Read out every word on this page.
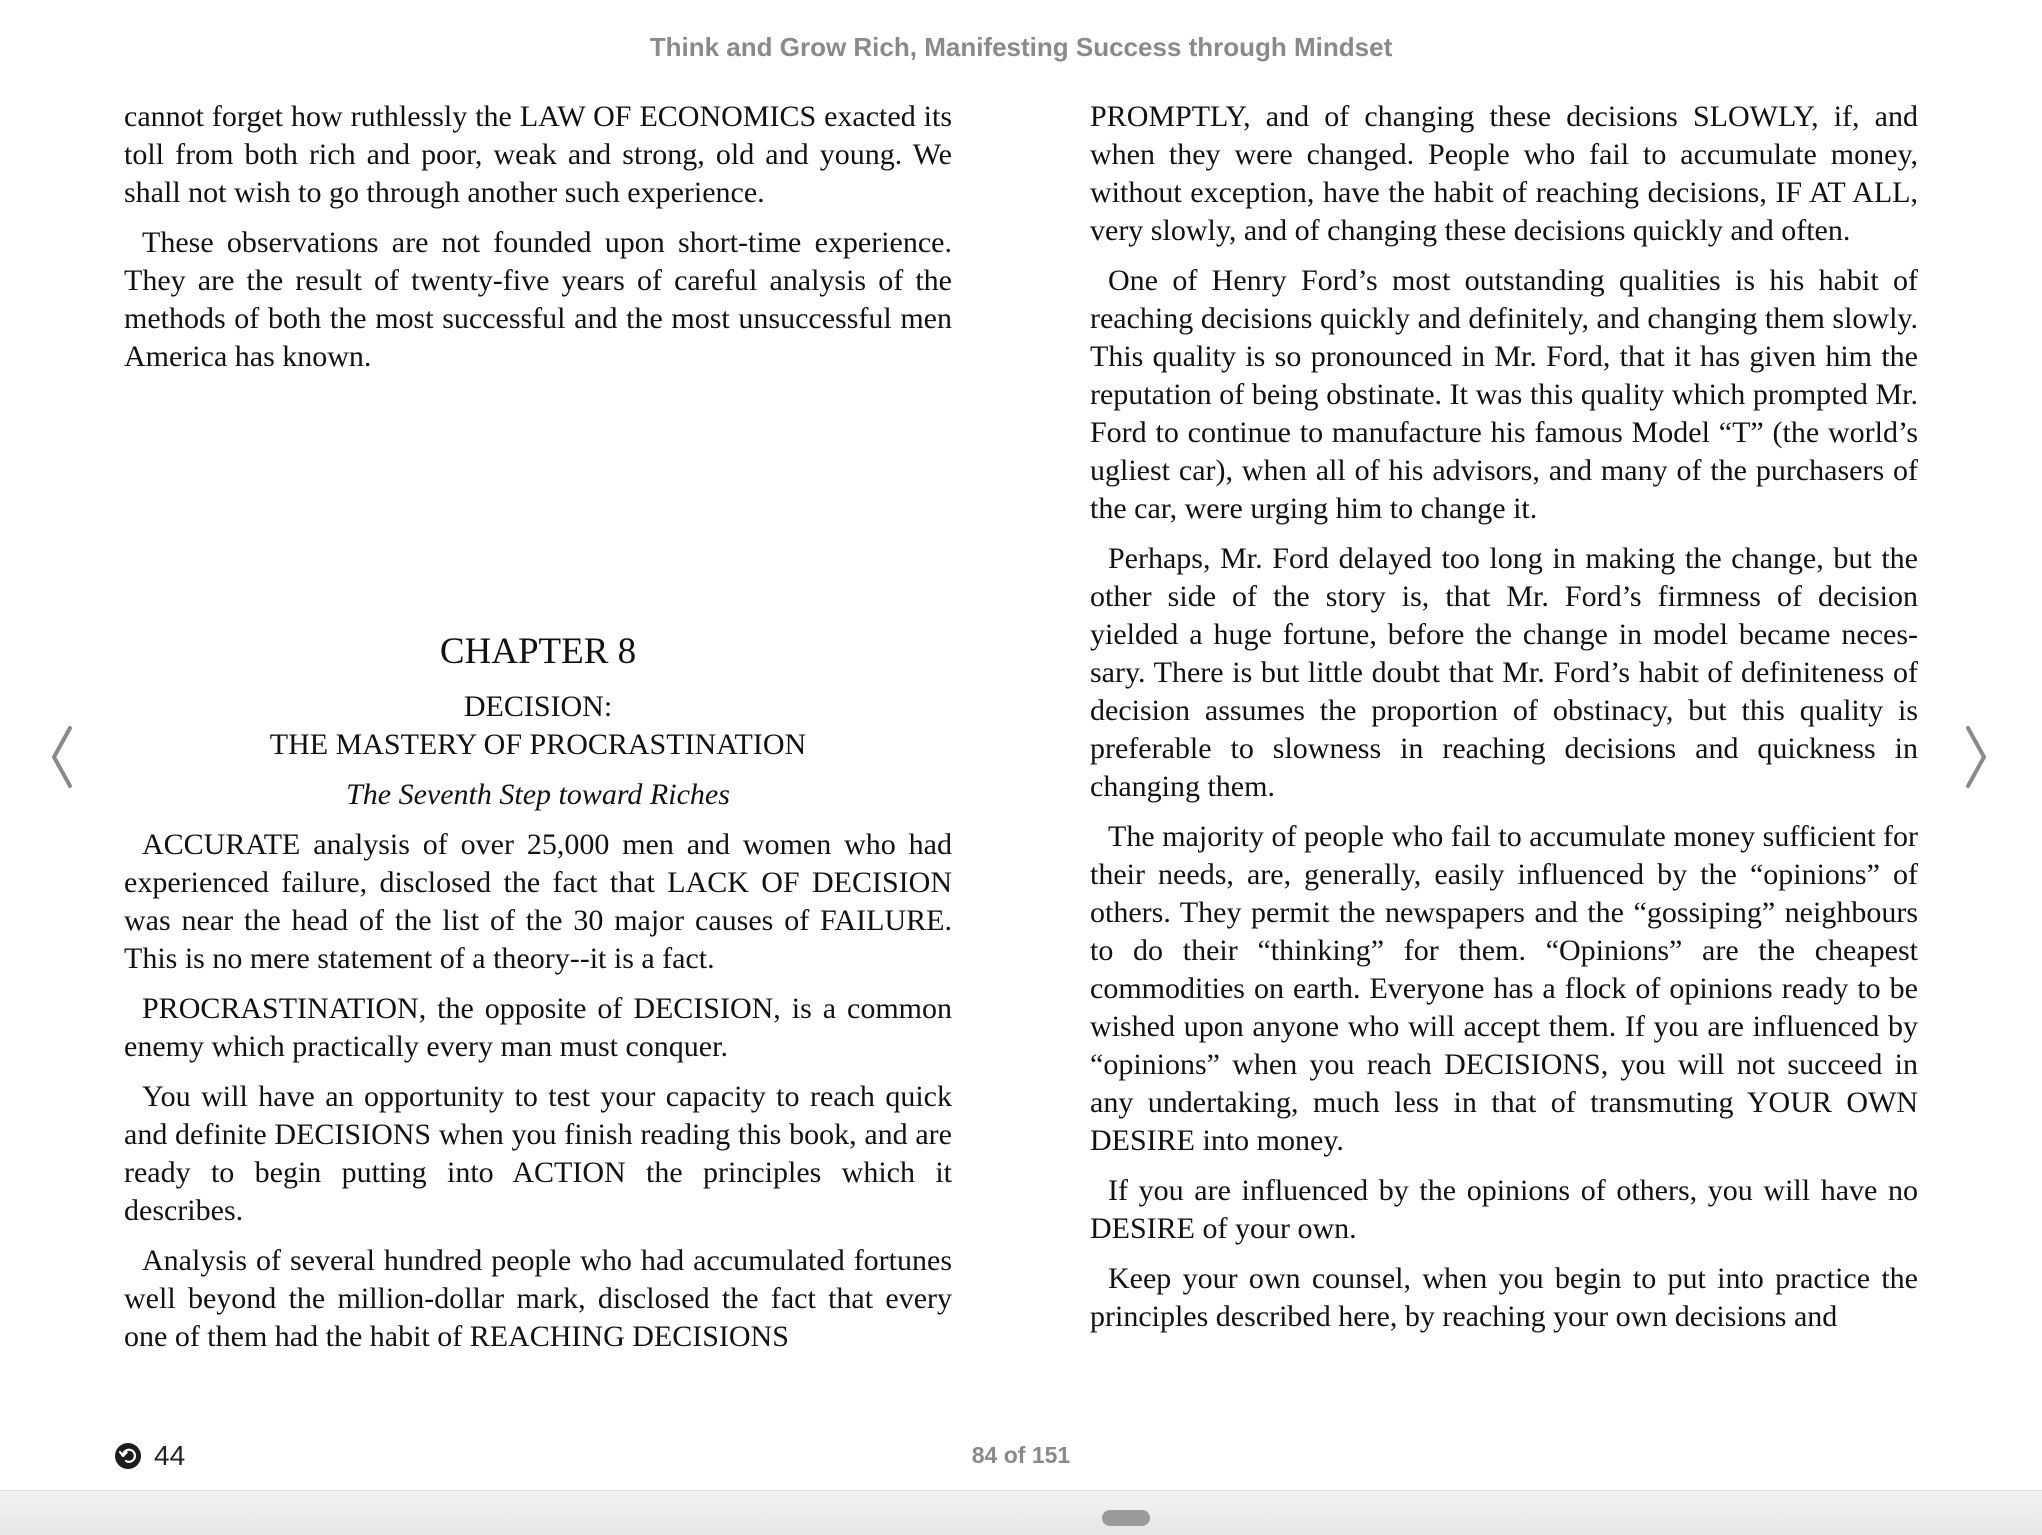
Think and Grow Rich, Manifesting Success through Mindset

cannot forget how ruthlessly the LAW OF ECONOMICS exacted its toll from both rich and poor, weak and strong, old and young. We shall not wish to go through another such experience.

These observations are not founded upon short-time experience. They are the result of twenty-five years of careful analysis of the methods of both the most successful and the most unsuccessful men America has known.

CHAPTER 8
DECISION:
THE MASTERY OF PROCRASTINATION
The Seventh Step toward Riches

ACCURATE analysis of over 25,000 men and women who had experienced failure, disclosed the fact that LACK OF DECISION was near the head of the list of the 30 major causes of FAILURE. This is no mere statement of a theory--it is a fact.

PROCRASTINATION, the opposite of DECISION, is a common enemy which practically every man must conquer.

You will have an opportunity to test your capacity to reach quick and definite DECISIONS when you finish reading this book, and are ready to begin putting into ACTION the principles which it describes.

Analysis of several hundred people who had accumulated fortunes well beyond the million-dollar mark, disclosed the fact that every one of them had the habit of REACHING DECISIONS

PROMPTLY, and of changing these decisions SLOWLY, if, and when they were changed. People who fail to accumulate money, without exception, have the habit of reaching decisions, IF AT ALL, very slowly, and of changing these decisions quickly and often.

One of Henry Ford’s most outstanding qualities is his habit of reaching decisions quickly and definitely, and changing them slowly. This quality is so pronounced in Mr. Ford, that it has given him the reputation of being obstinate. It was this quality which prompted Mr. Ford to continue to manufacture his famous Model “T” (the world’s ugliest car), when all of his advisors, and many of the purchasers of the car, were urging him to change it.

Perhaps, Mr. Ford delayed too long in making the change, but the other side of the story is, that Mr. Ford’s firmness of decision yielded a huge fortune, before the change in model became necessary. There is but little doubt that Mr. Ford’s habit of definiteness of decision assumes the proportion of obstinacy, but this quality is preferable to slowness in reaching decisions and quickness in changing them.

The majority of people who fail to accumulate money sufficient for their needs, are, generally, easily influenced by the “opinions” of others. They permit the newspapers and the “gossiping” neighbours to do their “thinking” for them. “Opinions” are the cheapest commodities on earth. Everyone has a flock of opinions ready to be wished upon anyone who will accept them. If you are influenced by “opinions” when you reach DECISIONS, you will not succeed in any undertaking, much less in that of transmuting YOUR OWN DESIRE into money.

If you are influenced by the opinions of others, you will have no DESIRE of your own.

Keep your own counsel, when you begin to put into practice the principles described here, by reaching your own decisions and

44	84 of 151
